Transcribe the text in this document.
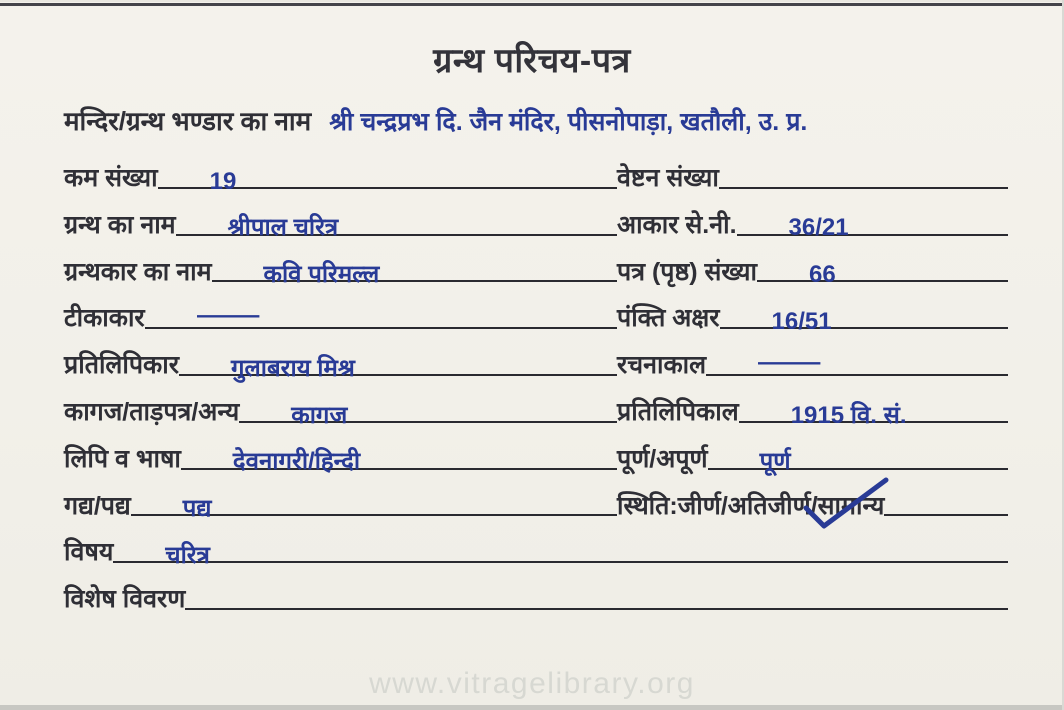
ग्रन्थ परिचय-पत्र
मन्दिर/ग्रन्थ भण्डार का नाम श्री चन्द्रप्रभ दि. जैन मंदिर, पीसनोपाड़ा, खतौली, उ. प्र.
कम संख्या 19	वेष्टन संख्या
ग्रन्थ का नाम श्रीपाल चरित्र	आकार से.नी. 36/21
ग्रन्थकार का नाम कवि परिमल्ल	पत्र (पृष्ठ) संख्या 66
टीकाकार —	पंक्ति अक्षर 16/51
प्रतिलिपिकार गुलाबराय मिश्र	रचनाकाल —
कागज/ताड़पत्र/अन्य कागज	प्रतिलिपिकाल 1915 वि. सं.
लिपि व भाषा देवनागरी/हिन्दी	पूर्ण/अपूर्ण पूर्ण
गद्य/पद्य पद्य	स्थिति:जीर्ण/अतिजीर्ण/सामान्य
विषय चरित्र
विशेष विवरण
www.vitragelibrary.org
